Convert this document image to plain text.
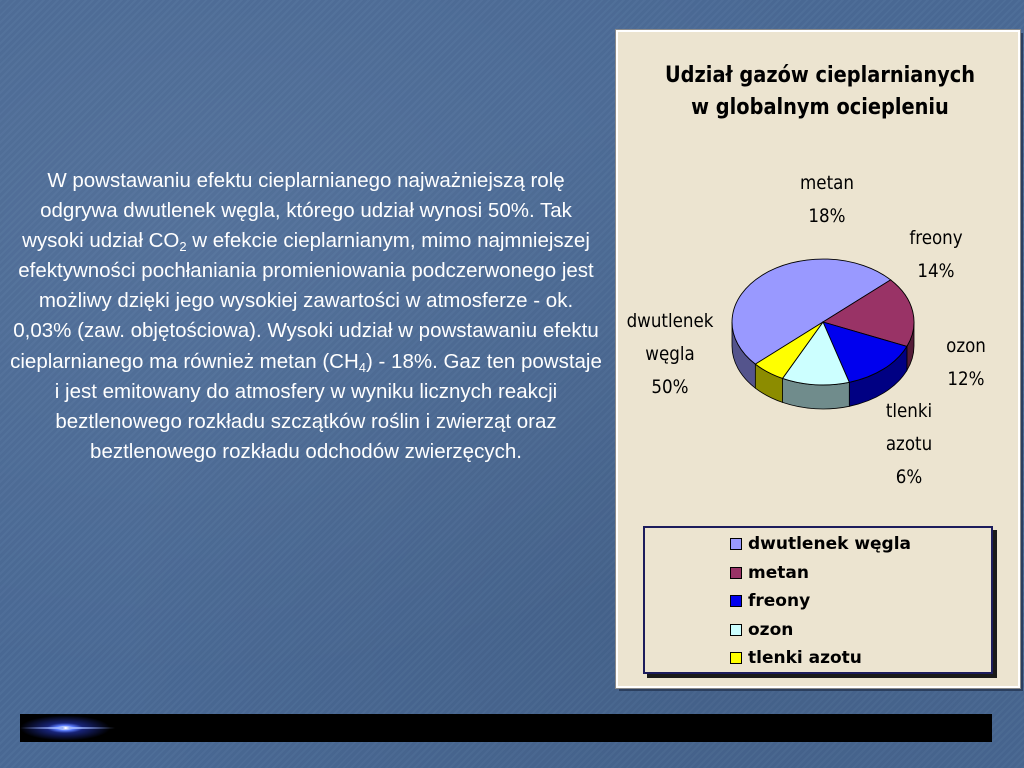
W powstawaniu efektu cieplarnianego najważniejszą rolę odgrywa dwutlenek węgla, którego udział wynosi 50%. Tak wysoki udział $CO_2$ w efekcie cieplarnianym, mimo najmniejszej efektywności pochłaniania promieniowania podczerwonego jest możliwy dzięki jego wysokiej zawartości w atmosferze - ok. 0,03% (zaw. objętościowa). Wysoki udział w powstawaniu efektu cieplarnianego ma również metan $(CH_4) - 18\%$. Gaz ten powstaje i jest emitowany do atmosfery w wyniku licznych reakcji beztlenowego rozkładu szczątków roślin i zwierząt oraz beztlenowego rozkładu odchodów zwierzęcych.
Udział gazów cieplarnianych
w globalnym ociepleniu
dwutlenek
węgla
50%
metan
18%
freony
14%
ozon
12%
tlenki
azotu
6%
dwutlenek węgla
metan
freony
ozon
tlenki azotu
